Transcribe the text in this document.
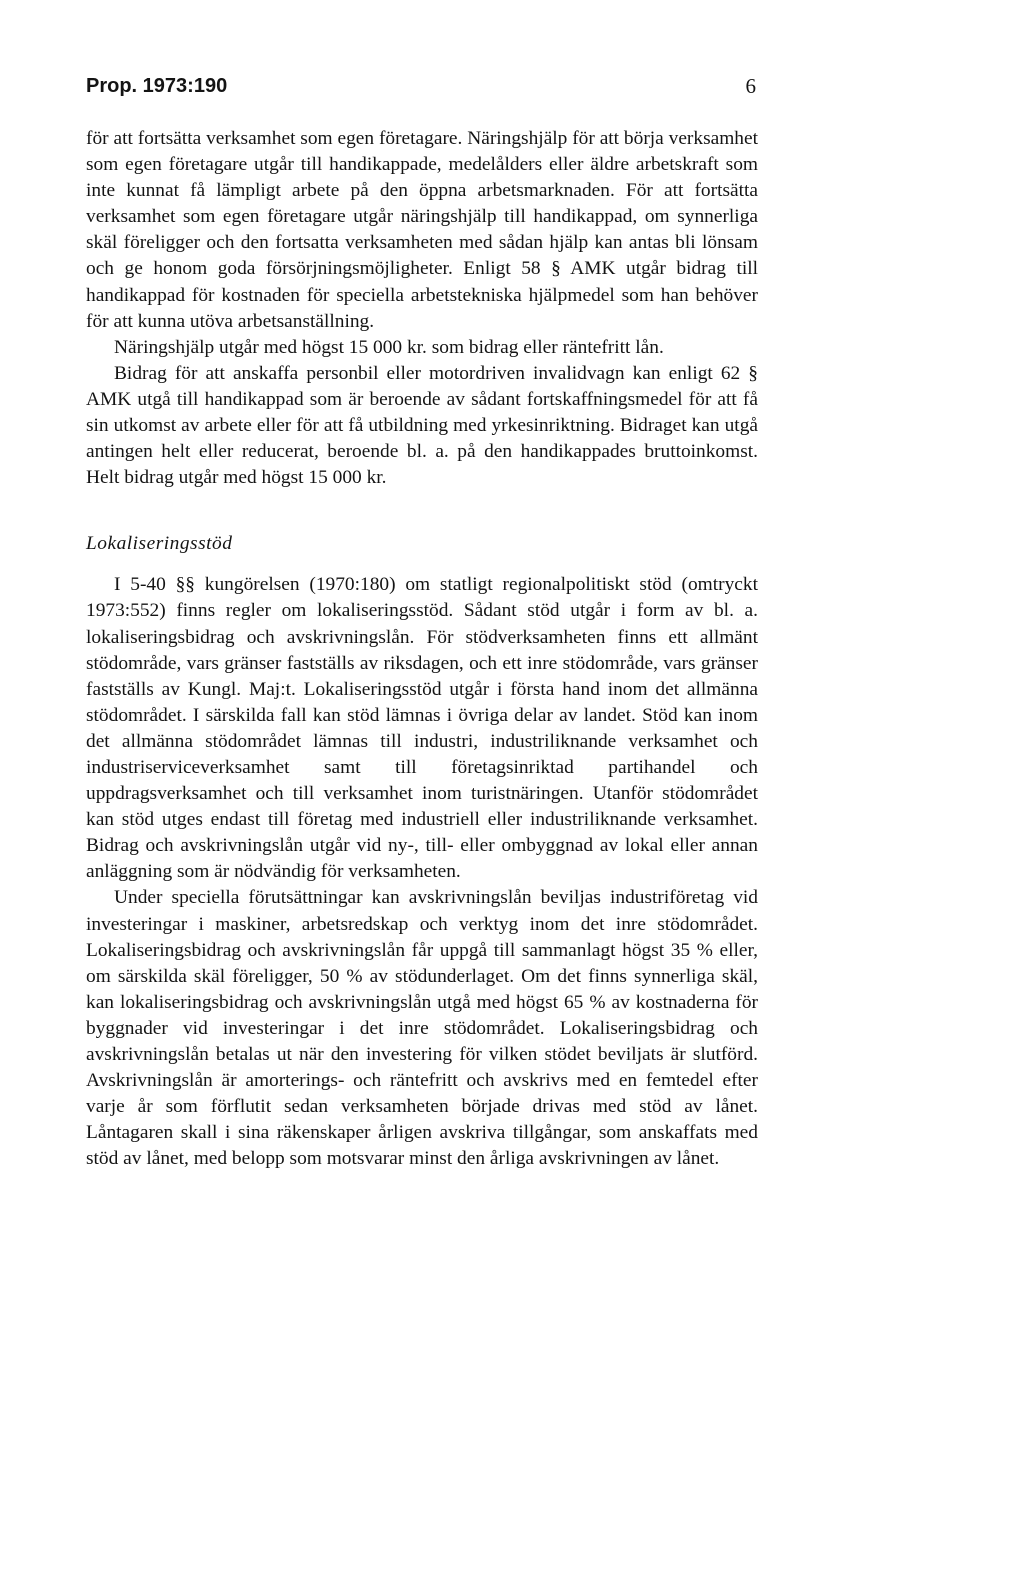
Prop. 1973:190	6

för att fortsätta verksamhet som egen företagare. Näringshjälp för att börja verksamhet som egen företagare utgår till handikappade, medelålders eller äldre arbetskraft som inte kunnat få lämpligt arbete på den öppna arbetsmarknaden. För att fortsätta verksamhet som egen företagare utgår näringshjälp till handikappad, om synnerliga skäl föreligger och den fortsatta verksamheten med sådan hjälp kan antas bli lönsam och ge honom goda försörjningsmöjligheter. Enligt 58 § AMK utgår bidrag till handikappad för kostnaden för speciella arbetstekniska hjälpmedel som han behöver för att kunna utöva arbetsanställning.

Näringshjälp utgår med högst 15 000 kr. som bidrag eller räntefritt lån.

Bidrag för att anskaffa personbil eller motordriven invalidvagn kan enligt 62 § AMK utgå till handikappad som är beroende av sådant fortskaffningsmedel för att få sin utkomst av arbete eller för att få utbildning med yrkesinriktning. Bidraget kan utgå antingen helt eller reducerat, beroende bl. a. på den handikappades bruttoinkomst. Helt bidrag utgår med högst 15 000 kr.

Lokaliseringsstöd

I 5-40 §§ kungörelsen (1970:180) om statligt regionalpolitiskt stöd (omtryckt 1973:552) finns regler om lokaliseringsstöd. Sådant stöd utgår i form av bl. a. lokaliseringsbidrag och avskrivningslån. För stödverksamheten finns ett allmänt stödområde, vars gränser fastställs av riksdagen, och ett inre stödområde, vars gränser fastställs av Kungl. Maj:t. Lokaliseringsstöd utgår i första hand inom det allmänna stödområdet. I särskilda fall kan stöd lämnas i övriga delar av landet. Stöd kan inom det allmänna stödområdet lämnas till industri, industriliknande verksamhet och industriserviceverksamhet samt till företagsinriktad partihandel och uppdragsverksamhet och till verksamhet inom turistnäringen. Utanför stödområdet kan stöd utges endast till företag med industriell eller industriliknande verksamhet. Bidrag och avskrivningslån utgår vid ny-, till- eller ombyggnad av lokal eller annan anläggning som är nödvändig för verksamheten.

Under speciella förutsättningar kan avskrivningslån beviljas industriföretag vid investeringar i maskiner, arbetsredskap och verktyg inom det inre stödområdet. Lokaliseringsbidrag och avskrivningslån får uppgå till sammanlagt högst 35 % eller, om särskilda skäl föreligger, 50 % av stödunderlaget. Om det finns synnerliga skäl, kan lokaliseringsbidrag och avskrivningslån utgå med högst 65 % av kostnaderna för byggnader vid investeringar i det inre stödområdet. Lokaliseringsbidrag och avskrivningslån betalas ut när den investering för vilken stödet beviljats är slutförd. Avskrivningslån är amorterings- och räntefritt och avskrivs med en femtedel efter varje år som förflutit sedan verksamheten började drivas med stöd av lånet. Låntagaren skall i sina räkenskaper årligen avskriva tillgångar, som anskaffats med stöd av lånet, med belopp som motsvarar minst den årliga avskrivningen av lånet.
